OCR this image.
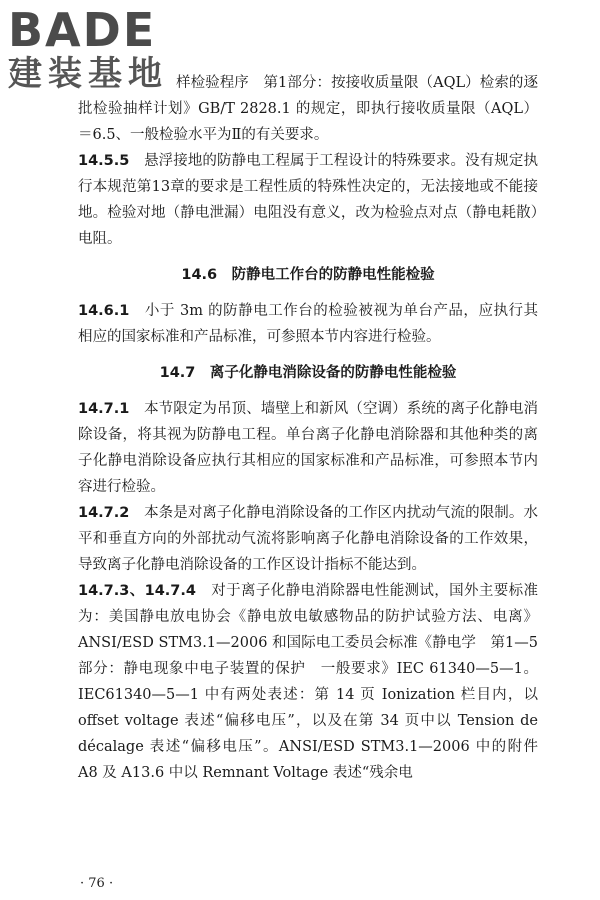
BADE
建装基地 样检验程序　第1部分：按接收质量限（AQL）检索的逐批检验抽样计划》GB/T 2828.1 的规定，即执行接收质量限（AQL）＝6.5、一般检验水平为Ⅱ的有关要求。

14.5.5　 悬浮接地的防静电工程属于工程设计的特殊要求。没有规定执行本规范第13章的要求是工程性质的特殊性决定的，无法接地或不能接地。检验对地（静电泄漏）电阻没有意义，改为检验点对点（静电耗散）电阻。

14.6　防静电工作台的防静电性能检验

14.6.1　 小于 3m 的防静电工作台的检验被视为单台产品，应执行其相应的国家标准和产品标准，可参照本节内容进行检验。

14.7　离子化静电消除设备的防静电性能检验

14.7.1　 本节限定为吊顶、墙壁上和新风（空调）系统的离子化静电消除设备，将其视为防静电工程。单台离子化静电消除器和其他种类的离子化静电消除设备应执行其相应的国家标准和产品标准，可参照本节内容进行检验。

14.7.2　 本条是对离子化静电消除设备的工作区内扰动气流的限制。水平和垂直方向的外部扰动气流将影响离子化静电消除设备的工作效果，导致离子化静电消除设备的工作区设计指标不能达到。

14.7.3、14.7.4　 对于离子化静电消除器电性能测试，国外主要标准为：美国静电放电协会《静电放电敏感物品的防护试验方法、电离》ANSI/ESD STM3.1—2006 和国际电工委员会标准《静电学　第1—5部分：静电现象中电子装置的保护　一般要求》IEC 61340—5—1。IEC61340—5—1 中有两处表述：第 14 页 Ionization 栏目内，以 offset voltage 表述“偏移电压”，以及在第 34 页中以 Tension de décalage 表述“偏移电压”。ANSI/ESD STM3.1—2006 中的附件 A8 及 A13.6 中以 Remnant Voltage 表述“残余电

· 76 ·
